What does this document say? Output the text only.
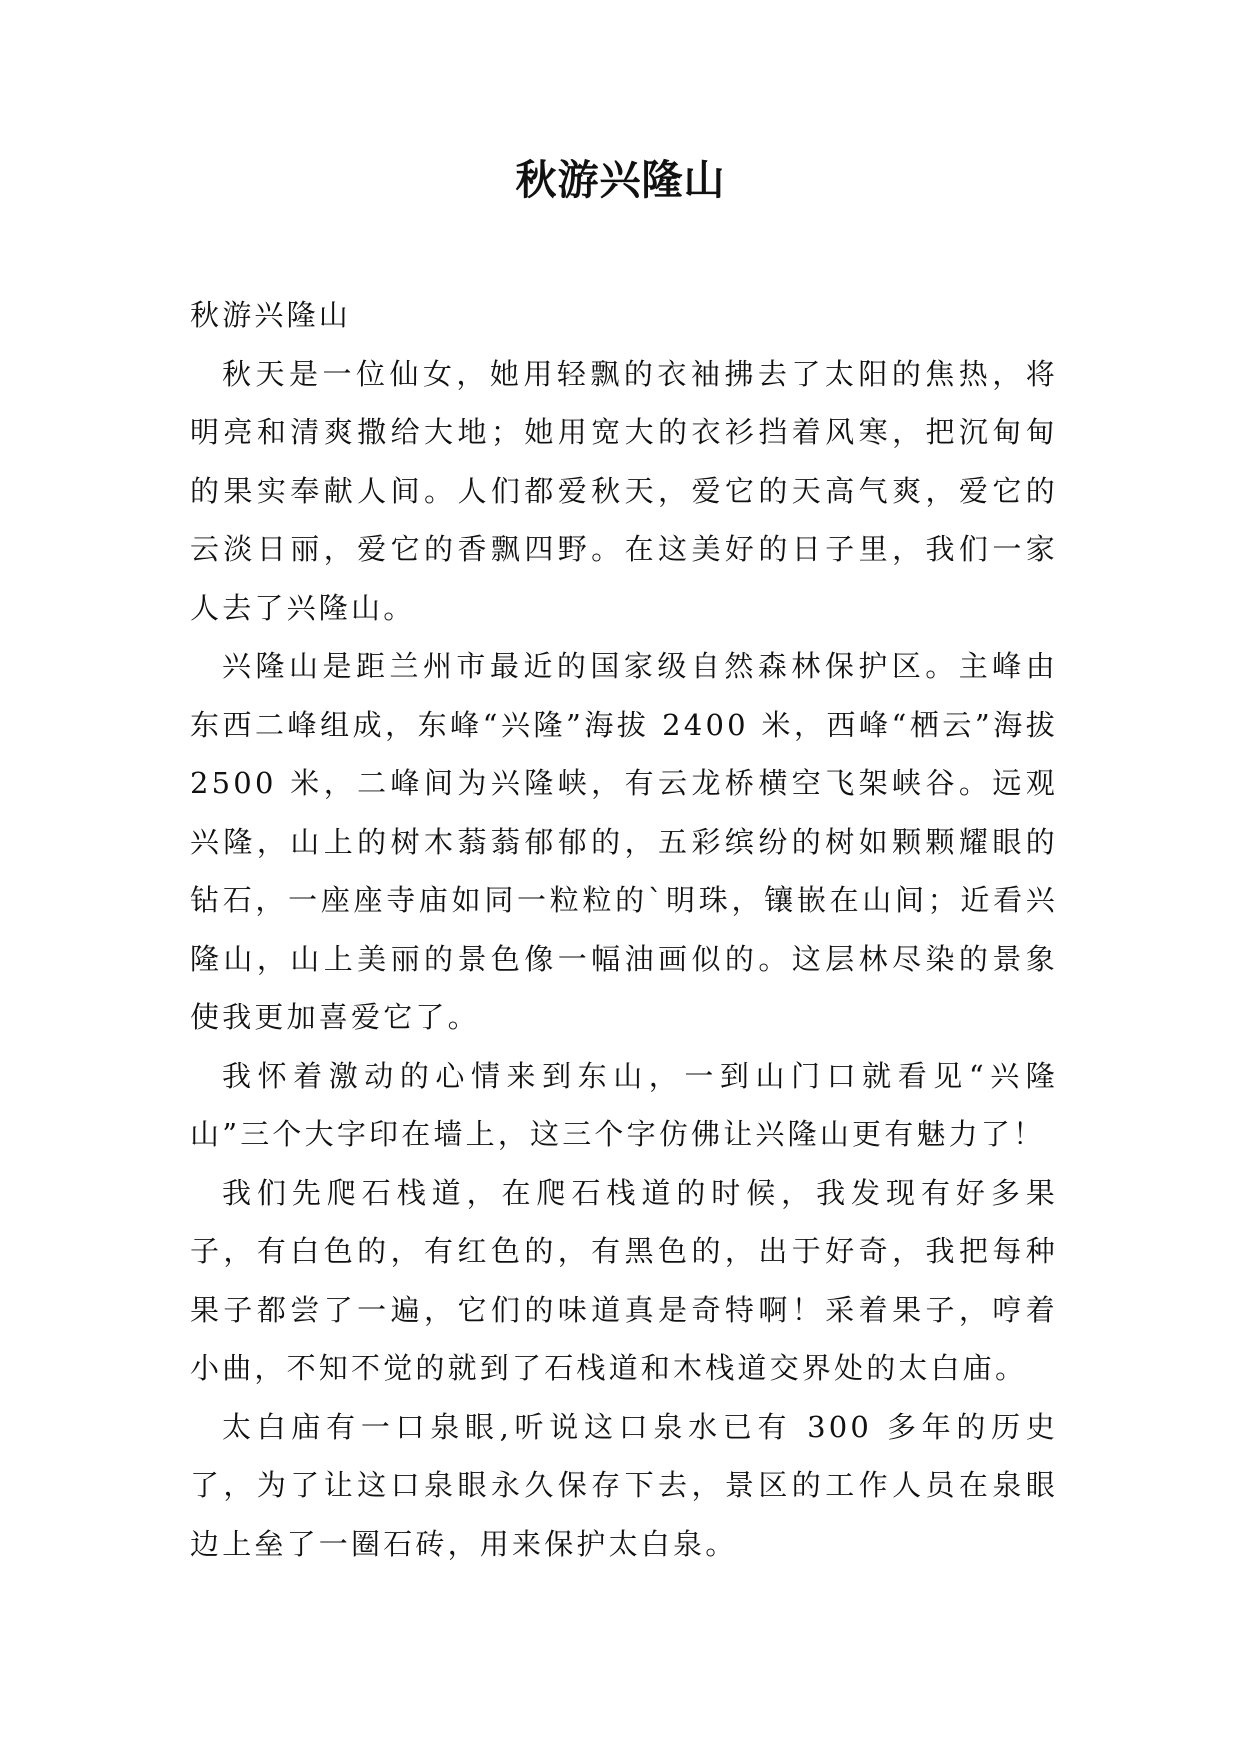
秋游兴隆山

秋游兴隆山

秋天是一位仙女，她用轻飘的衣袖拂去了太阳的焦热，将明亮和清爽撒给大地；她用宽大的衣衫挡着风寒，把沉甸甸的果实奉献人间。人们都爱秋天，爱它的天高气爽，爱它的云淡日丽，爱它的香飘四野。在这美好的日子里，我们一家人去了兴隆山。

兴隆山是距兰州市最近的国家级自然森林保护区。主峰由东西二峰组成，东峰“兴隆”海拔 2400 米，西峰“栖云”海拔 2500 米，二峰间为兴隆峡，有云龙桥横空飞架峡谷。远观兴隆，山上的树木蓊蓊郁郁的，五彩缤纷的树如颗颗耀眼的钻石，一座座寺庙如同一粒粒的`明珠，镶嵌在山间；近看兴隆山，山上美丽的景色像一幅油画似的。这层林尽染的景象使我更加喜爱它了。

我怀着激动的心情来到东山，一到山门口就看见“兴隆山”三个大字印在墙上，这三个字仿佛让兴隆山更有魅力了！

我们先爬石栈道，在爬石栈道的时候，我发现有好多果子，有白色的，有红色的，有黑色的，出于好奇，我把每种果子都尝了一遍，它们的味道真是奇特啊！采着果子，哼着小曲，不知不觉的就到了石栈道和木栈道交界处的太白庙。

太白庙有一口泉眼,听说这口泉水已有 300 多年的历史了，为了让这口泉眼永久保存下去，景区的工作人员在泉眼边上垒了一圈石砖，用来保护太白泉。
